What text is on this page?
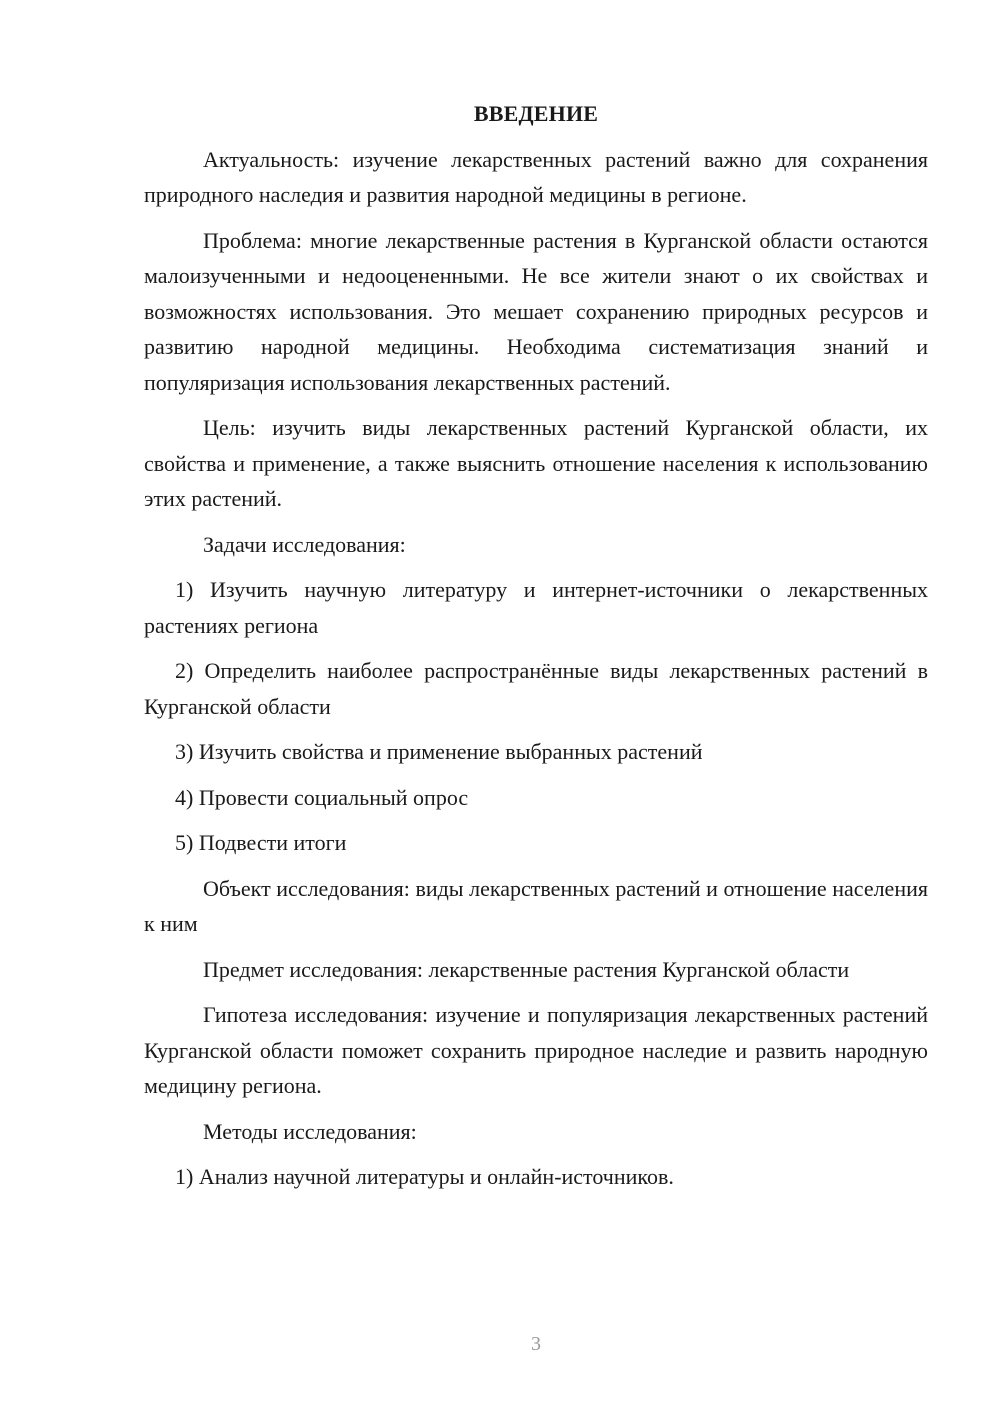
ВВЕДЕНИЕ

Актуальность: изучение лекарственных растений важно для сохранения природного наследия и развития народной медицины в регионе.

Проблема: многие лекарственные растения в Курганской области остаются малоизученными и недооцененными. Не все жители знают о их свойствах и возможностях использования. Это мешает сохранению природных ресурсов и развитию народной медицины. Необходима систематизация знаний и популяризация использования лекарственных растений.

Цель: изучить виды лекарственных растений Курганской области, их свойства и применение, а также выяснить отношение населения к использованию этих растений.

Задачи исследования:

1) Изучить научную литературу и интернет-источники о лекарственных растениях региона

2) Определить наиболее распространённые виды лекарственных растений в Курганской области

3) Изучить свойства и применение выбранных растений

4) Провести социальный опрос

5) Подвести итоги

Объект исследования: виды лекарственных растений и отношение населения к ним

Предмет исследования: лекарственные растения Курганской области

Гипотеза исследования: изучение и популяризация лекарственных растений Курганской области поможет сохранить природное наследие и развить народную медицину региона.

Методы исследования:

1) Анализ научной литературы и онлайн-источников.

3
